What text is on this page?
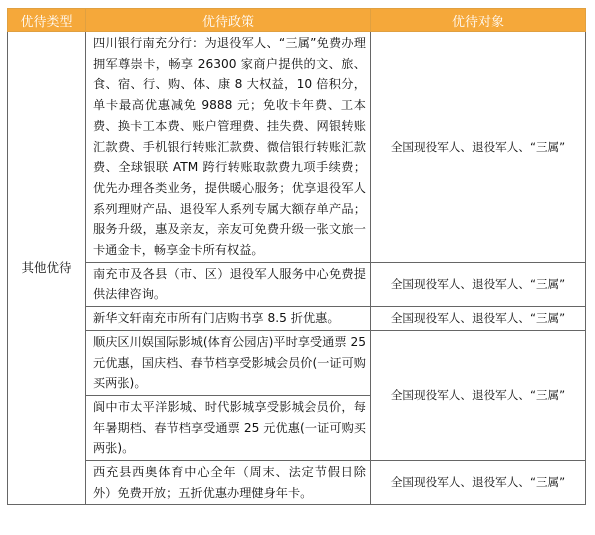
优待类型	优待政策	优待对象
其他优待	四川银行南充分行：为退役军人、“三属”免费办理拥军尊崇卡，畅享 26300 家商户提供的文、旅、食、宿、行、购、体、康 8 大权益，10 倍积分，单卡最高优惠减免 9888 元；免收卡年费、工本费、换卡工本费、账户管理费、挂失费、网银转账汇款费、手机银行转账汇款费、微信银行转账汇款费、全球银联 ATM 跨行转账取款费九项手续费；优先办理各类业务，提供暖心服务；优享退役军人系列理财产品、退役军人系列专属大额存单产品；服务升级，惠及亲友，亲友可免费升级一张文旅一卡通金卡，畅享金卡所有权益。	全国现役军人、退役军人、“三属”
	南充市及各县（市、区）退役军人服务中心免费提供法律咨询。	全国现役军人、退役军人、“三属”
	新华文轩南充市所有门店购书享 8.5 折优惠。	全国现役军人、退役军人、“三属”
	顺庆区川娱国际影城(体育公园店)平时享受通票 25 元优惠，国庆档、春节档享受影城会员价(一证可购买两张)。	全国现役军人、退役军人、“三属”
	阆中市太平洋影城、时代影城享受影城会员价，每年暑期档、春节档享受通票 25 元优惠(一证可购买两张)。	
	西充县西奥体育中心全年（周末、法定节假日除外）免费开放；五折优惠办理健身年卡。	全国现役军人、退役军人、“三属”
